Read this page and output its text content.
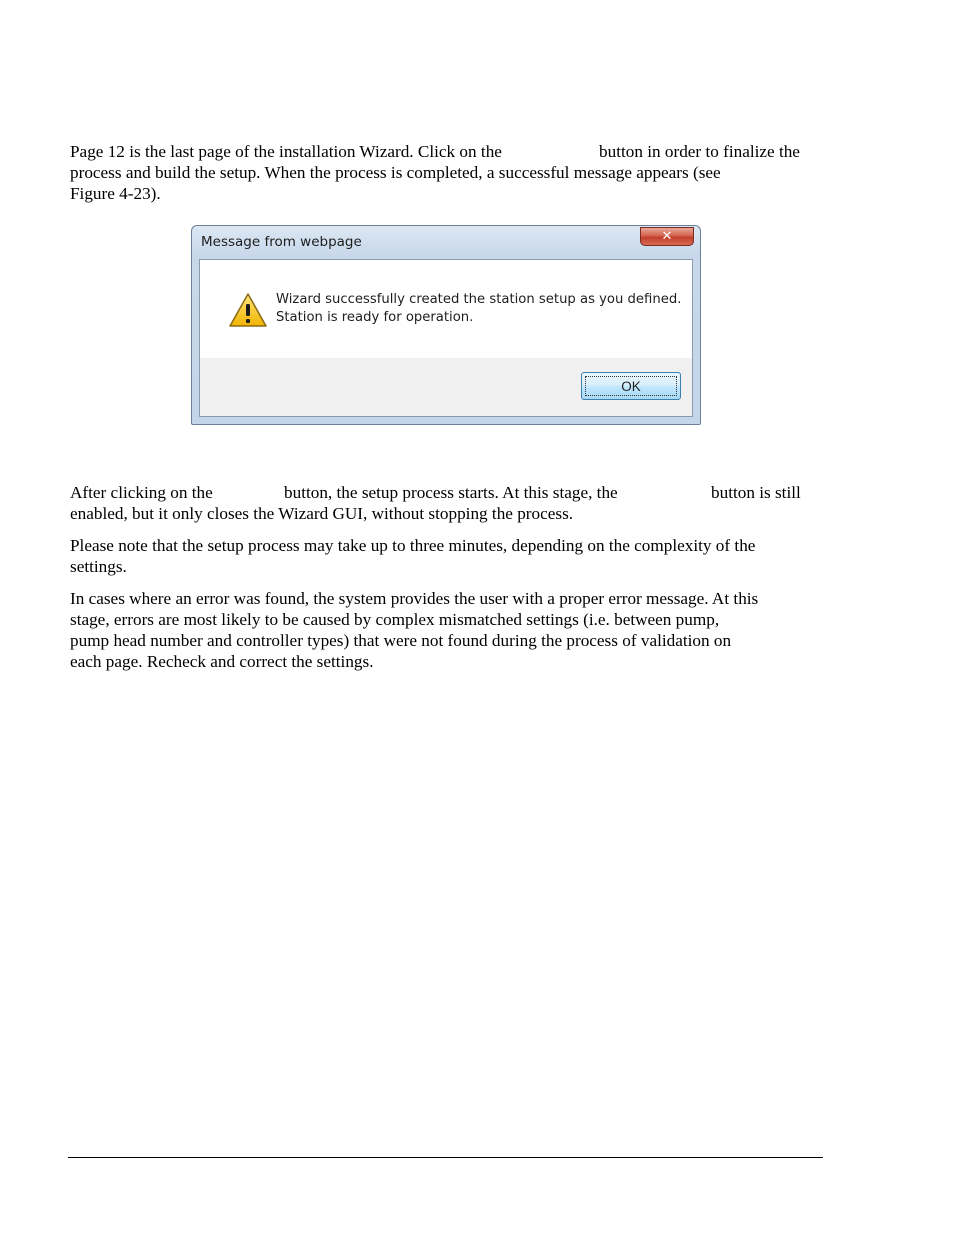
Page 12 is the last page of the installation Wizard. Click on the	button in order to finalize the
process and build the setup. When the process is completed, a successful message appears (see
Figure 4-23).
Message from webpage	✕
Wizard successfully created the station setup as you defined.
Station is ready for operation.
OK
After clicking on the	button, the setup process starts. At this stage, the	button is still
enabled, but it only closes the Wizard GUI, without stopping the process.
Please note that the setup process may take up to three minutes, depending on the complexity of the
settings.
In cases where an error was found, the system provides the user with a proper error message. At this
stage, errors are most likely to be caused by complex mismatched settings (i.e. between pump,
pump head number and controller types) that were not found during the process of validation on
each page. Recheck and correct the settings.
